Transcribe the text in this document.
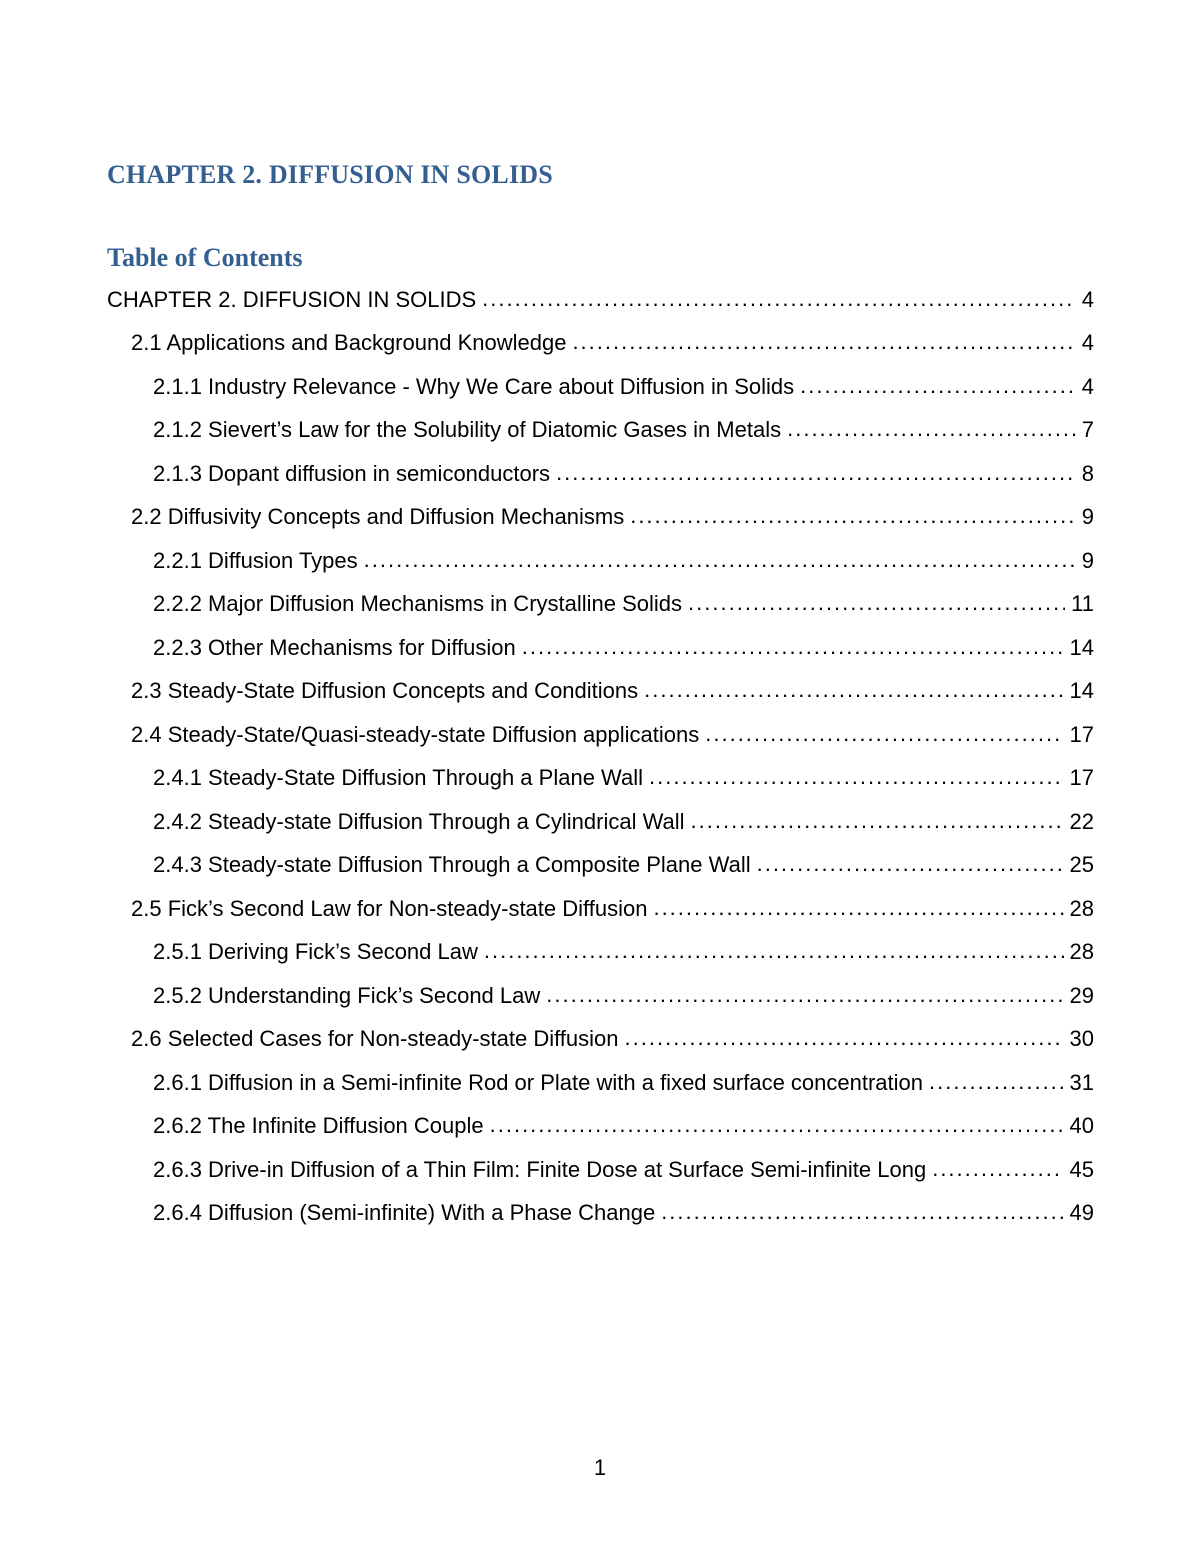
CHAPTER 2. DIFFUSION IN SOLIDS
Table of Contents
CHAPTER 2. DIFFUSION IN SOLIDS .....	4
2.1 Applications and Background Knowledge .....	4
2.1.1 Industry Relevance - Why We Care about Diffusion in Solids .....	4
2.1.2 Sievert’s Law for the Solubility of Diatomic Gases in Metals .....	7
2.1.3 Dopant diffusion in semiconductors .....	8
2.2 Diffusivity Concepts and Diffusion Mechanisms .....	9
2.2.1 Diffusion Types .....	9
2.2.2 Major Diffusion Mechanisms in Crystalline Solids .....	11
2.2.3 Other Mechanisms for Diffusion .....	14
2.3 Steady-State Diffusion Concepts and Conditions .....	14
2.4 Steady-State/Quasi-steady-state Diffusion applications .....	17
2.4.1 Steady-State Diffusion Through a Plane Wall .....	17
2.4.2 Steady-state Diffusion Through a Cylindrical Wall .....	22
2.4.3 Steady-state Diffusion Through a Composite Plane Wall .....	25
2.5 Fick’s Second Law for Non-steady-state Diffusion .....	28
2.5.1 Deriving Fick’s Second Law .....	28
2.5.2 Understanding Fick’s Second Law .....	29
2.6 Selected Cases for Non-steady-state Diffusion .....	30
2.6.1 Diffusion in a Semi-infinite Rod or Plate with a fixed surface concentration .....	31
2.6.2 The Infinite Diffusion Couple .....	40
2.6.3 Drive-in Diffusion of a Thin Film: Finite Dose at Surface Semi-infinite Long .....	45
2.6.4 Diffusion (Semi-infinite) With a Phase Change .....	49
1
